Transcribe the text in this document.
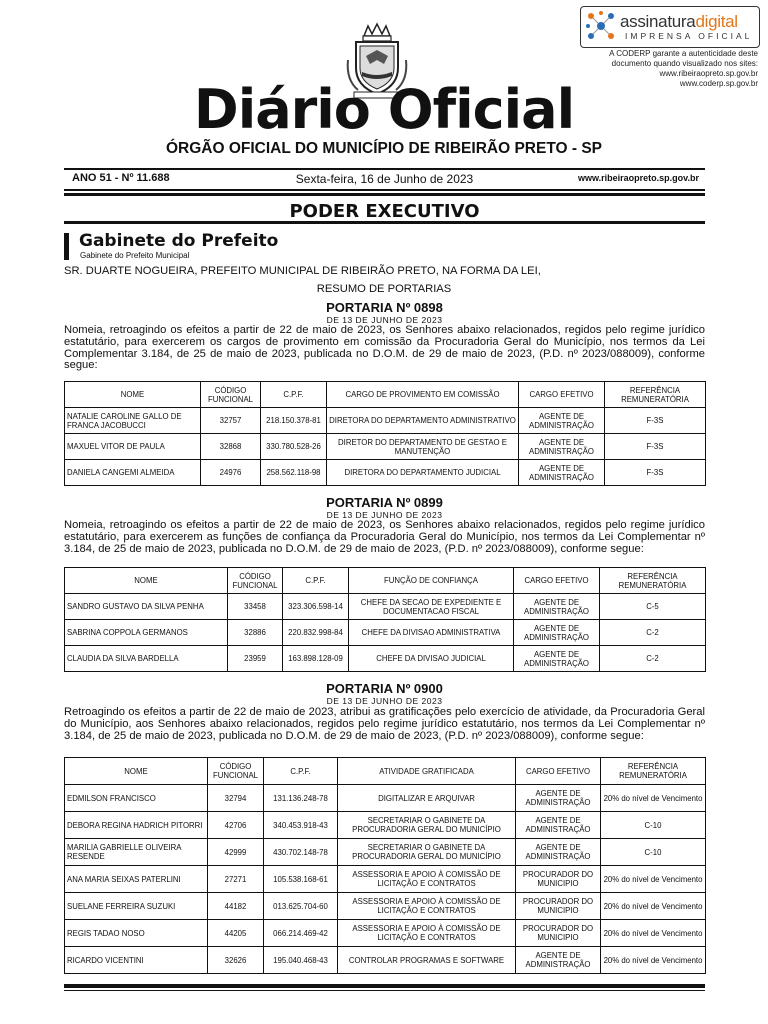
assinaturadigital
IMPRENSA OFICIAL
A CODERP garante a autenticidade deste documento quando visualizado nos sites: www.ribeiraopreto.sp.gov.br www.coderp.sp.gov.br
Diário Oficial
ÓRGÃO OFICIAL DO MUNICÍPIO DE RIBEIRÃO PRETO - SP
ANO 51 - Nº 11.688	Sexta-feira, 16 de Junho de 2023	www.ribeiraopreto.sp.gov.br
PODER EXECUTIVO
Gabinete do Prefeito
Gabinete do Prefeito Municipal
SR. DUARTE NOGUEIRA, PREFEITO MUNICIPAL DE RIBEIRÃO PRETO, NA FORMA DA LEI,
RESUMO DE PORTARIAS
PORTARIA Nº 0898
DE 13 DE JUNHO DE 2023
Nomeia, retroagindo os efeitos a partir de 22 de maio de 2023, os Senhores abaixo relacionados, regidos pelo regime jurídico estatutário, para exercerem os cargos de provimento em comissão da Procuradoria Geral do Município, nos termos da Lei Complementar 3.184, de 25 de maio de 2023, publicada no D.O.M. de 29 de maio de 2023, (P.D. nº 2023/088009), conforme segue:
NOME	CÓDIGO FUNCIONAL	C.P.F.	CARGO DE PROVIMENTO EM COMISSÃO	CARGO EFETIVO	REFERÊNCIA REMUNERATÓRIA
NATALIE CAROLINE GALLO DE FRANCA JACOBUCCI	32757	218.150.378-81	DIRETORA DO DEPARTAMENTO ADMINISTRATIVO	AGENTE DE ADMINISTRAÇÃO	F-3S
MAXUEL VITOR DE PAULA	32868	330.780.528-26	DIRETOR DO DEPARTAMENTO DE GESTAO E MANUTENÇÃO	AGENTE DE ADMINISTRAÇÃO	F-3S
DANIELA CANGEMI ALMEIDA	24976	258.562.118-98	DIRETORA DO DEPARTAMENTO JUDICIAL	AGENTE DE ADMINISTRAÇÃO	F-3S
PORTARIA Nº 0899
DE 13 DE JUNHO DE 2023
Nomeia, retroagindo os efeitos a partir de 22 de maio de 2023, os Senhores abaixo relacionados, regidos pelo regime jurídico estatutário, para exercerem as funções de confiança da Procuradoria Geral do Município, nos termos da Lei Complementar nº 3.184, de 25 de maio de 2023, publicada no D.O.M. de 29 de maio de 2023, (P.D. nº 2023/088009), conforme segue:
NOME	CÓDIGO FUNCIONAL	C.P.F.	FUNÇÃO DE CONFIANÇA	CARGO EFETIVO	REFERÊNCIA REMUNERATÓRIA
SANDRO GUSTAVO DA SILVA PENHA	33458	323.306.598-14	CHEFE DA SECAO DE EXPEDIENTE E DOCUMENTACAO FISCAL	AGENTE DE ADMINISTRAÇÃO	C-5
SABRINA COPPOLA GERMANOS	32886	220.832.998-84	CHEFE DA DIVISAO ADMINISTRATIVA	AGENTE DE ADMINISTRAÇÃO	C-2
CLAUDIA DA SILVA BARDELLA	23959	163.898.128-09	CHEFE DA DIVISAO JUDICIAL	AGENTE DE ADMINISTRAÇÃO	C-2
PORTARIA Nº 0900
DE 13 DE JUNHO DE 2023
Retroagindo os efeitos a partir de 22 de maio de 2023, atribui as gratificações pelo exercício de atividade, da Procuradoria Geral do Município, aos Senhores abaixo relacionados, regidos pelo regime jurídico estatutário, nos termos da Lei Complementar nº 3.184, de 25 de maio de 2023, publicada no D.O.M. de 29 de maio de 2023, (P.D. nº 2023/088009), conforme segue:
NOME	CÓDIGO FUNCIONAL	C.P.F.	ATIVIDADE GRATIFICADA	CARGO EFETIVO	REFERÊNCIA REMUNERATÓRIA
EDMILSON FRANCISCO	32794	131.136.248-78	DIGITALIZAR E ARQUIVAR	AGENTE DE ADMINISTRAÇÃO	20% do nível de Vencimento
DEBORA REGINA HADRICH PITORRI	42706	340.453.918-43	SECRETARIAR O GABINETE DA PROCURADORIA GERAL DO MUNICÍPIO	AGENTE DE ADMINISTRAÇÃO	C-10
MARILIA GABRIELLE OLIVEIRA RESENDE	42999	430.702.148-78	SECRETARIAR O GABINETE DA PROCURADORIA GERAL DO MUNICÍPIO	AGENTE DE ADMINISTRAÇÃO	C-10
ANA MARIA SEIXAS PATERLINI	27271	105.538.168-61	ASSESSORIA E APOIO À COMISSÃO DE LICITAÇÃO E CONTRATOS	PROCURADOR DO MUNICIPIO	20% do nível de Vencimento
SUELANE FERREIRA SUZUKI	44182	013.625.704-60	ASSESSORIA E APOIO À COMISSÃO DE LICITAÇÃO E CONTRATOS	PROCURADOR DO MUNICIPIO	20% do nível de Vencimento
REGIS TADAO NOSO	44205	066.214.469-42	ASSESSORIA E APOIO À COMISSÃO DE LICITAÇÃO E CONTRATOS	PROCURADOR DO MUNICIPIO	20% do nível de Vencimento
RICARDO VICENTINI	32626	195.040.468-43	CONTROLAR PROGRAMAS E SOFTWARE	AGENTE DE ADMINISTRAÇÃO	20% do nível de Vencimento
